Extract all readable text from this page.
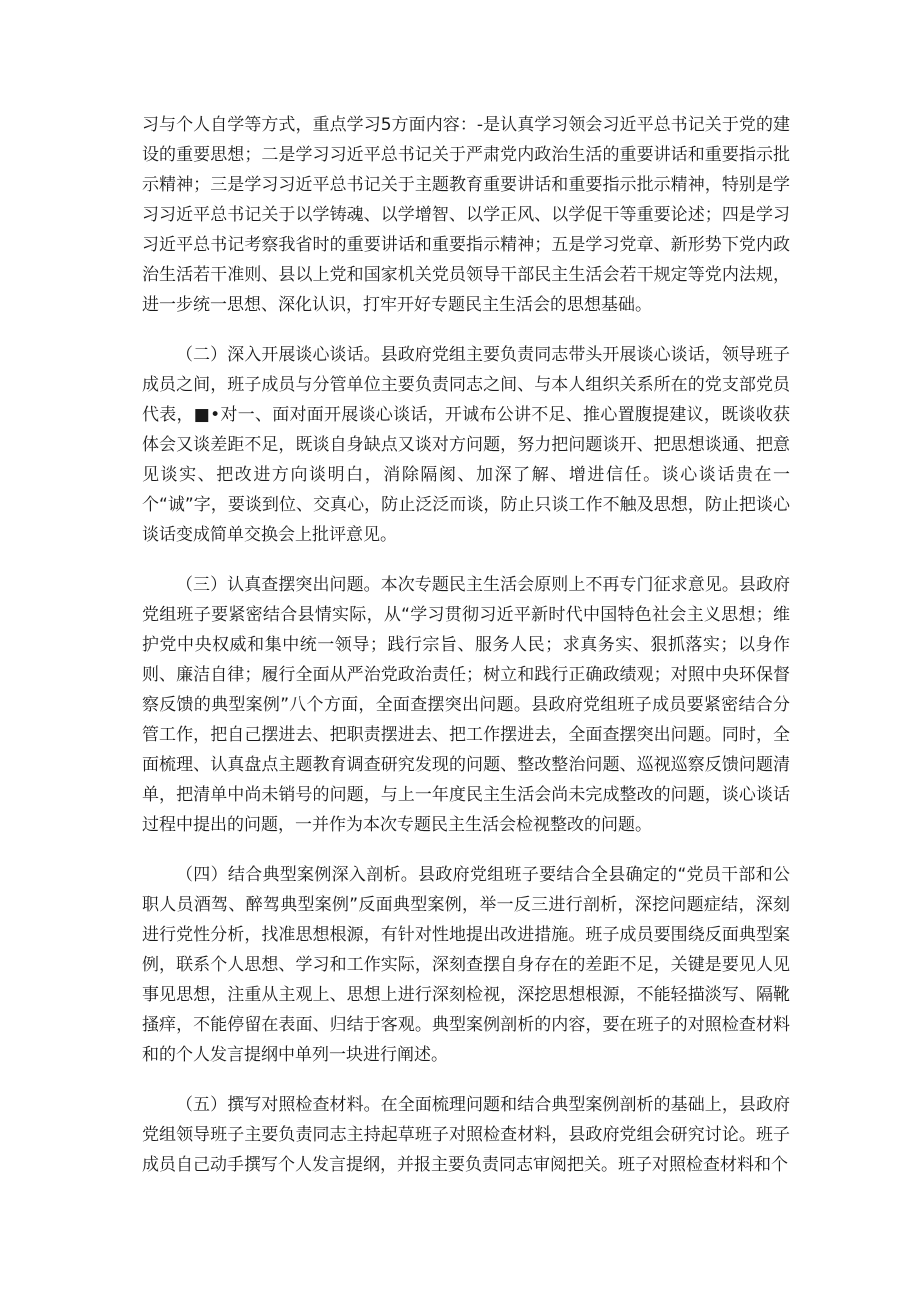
习与个人自学等方式，重点学习5方面内容：-是认真学习领会习近平总书记关于党的建设的重要思想；二是学习习近平总书记关于严肃党内政治生活的重要讲话和重要指示批示精神；三是学习习近平总书记关于主题教育重要讲话和重要指示批示精神，特别是学习习近平总书记关于以学铸魂、以学增智、以学正风、以学促干等重要论述；四是学习习近平总书记考察我省时的重要讲话和重要指示精神；五是学习党章、新形势下党内政治生活若干准则、县以上党和国家机关党员领导干部民主生活会若干规定等党内法规，进一步统一思想、深化认识，打牢开好专题民主生活会的思想基础。

（二）深入开展谈心谈话。县政府党组主要负责同志带头开展谈心谈话，领导班子成员之间，班子成员与分管单位主要负责同志之间、与本人组织关系所在的党支部党员代表，■•对一、面对面开展谈心谈话，开诚布公讲不足、推心置腹提建议，既谈收获体会又谈差距不足，既谈自身缺点又谈对方问题，努力把问题谈开、把思想谈通、把意见谈实、把改进方向谈明白，消除隔阂、加深了解、增进信任。谈心谈话贵在一个“诚”字，要谈到位、交真心，防止泛泛而谈，防止只谈工作不触及思想，防止把谈心谈话变成简单交换会上批评意见。

（三）认真查摆突出问题。本次专题民主生活会原则上不再专门征求意见。县政府党组班子要紧密结合县情实际，从“学习贯彻习近平新时代中国特色社会主义思想；维护党中央权威和集中统一领导；践行宗旨、服务人民；求真务实、狠抓落实；以身作则、廉洁自律；履行全面从严治党政治责任；树立和践行正确政绩观；对照中央环保督察反馈的典型案例”八个方面，全面查摆突出问题。县政府党组班子成员要紧密结合分管工作，把自己摆进去、把职责摆进去、把工作摆进去，全面查摆突出问题。同时，全面梳理、认真盘点主题教育调查研究发现的问题、整改整治问题、巡视巡察反馈问题清单，把清单中尚未销号的问题，与上一年度民主生活会尚未完成整改的问题，谈心谈话过程中提出的问题，一并作为本次专题民主生活会检视整改的问题。

（四）结合典型案例深入剖析。县政府党组班子要结合全县确定的“党员干部和公职人员酒驾、醉驾典型案例”反面典型案例，举一反三进行剖析，深挖问题症结，深刻进行党性分析，找准思想根源，有针对性地提出改进措施。班子成员要围绕反面典型案例，联系个人思想、学习和工作实际，深刻查摆自身存在的差距不足，关键是要见人见事见思想，注重从主观上、思想上进行深刻检视，深挖思想根源，不能轻描淡写、隔靴搔痒，不能停留在表面、归结于客观。典型案例剖析的内容，要在班子的对照检查材料和的个人发言提纲中单列一块进行阐述。

（五）撰写对照检查材料。在全面梳理问题和结合典型案例剖析的基础上，县政府党组领导班子主要负责同志主持起草班子对照检查材料，县政府党组会研究讨论。班子成员自己动手撰写个人发言提纲，并报主要负责同志审阅把关。班子对照检查材料和个
